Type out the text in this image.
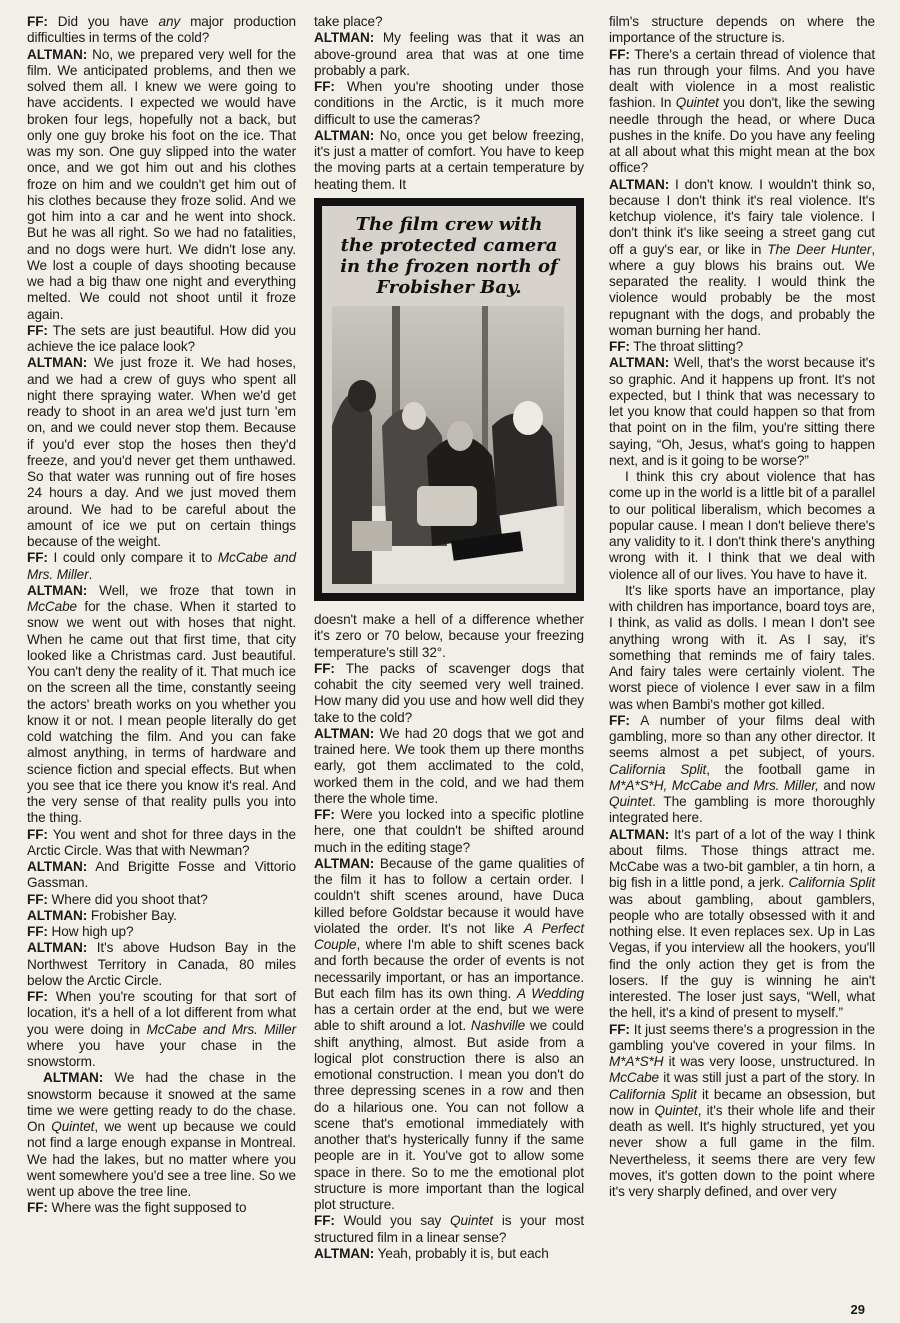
FF: Did you have any major production difficulties in terms of the cold?

ALTMAN: No, we prepared very well for the film. We anticipated problems, and then we solved them all. I knew we were going to have accidents. I expected we would have broken four legs, hopefully not a back, but only one guy broke his foot on the ice. That was my son. One guy slipped into the water once, and we got him out and his clothes froze on him and we couldn't get him out of his clothes because they froze solid. And we got him into a car and he went into shock. But he was all right. So we had no fatalities, and no dogs were hurt. We didn't lose any. We lost a couple of days shooting because we had a big thaw one night and everything melted. We could not shoot until it froze again.

FF: The sets are just beautiful. How did you achieve the ice palace look?

ALTMAN: We just froze it. We had hoses, and we had a crew of guys who spent all night there spraying water. When we'd get ready to shoot in an area we'd just turn 'em on, and we could never stop them. Because if you'd ever stop the hoses then they'd freeze, and you'd never get them unthawed. So that water was running out of fire hoses 24 hours a day. And we just moved them around. We had to be careful about the amount of ice we put on certain things because of the weight.

FF: I could only compare it to McCabe and Mrs. Miller.

ALTMAN: Well, we froze that town in McCabe for the chase. When it started to snow we went out with hoses that night. When he came out that first time, that city looked like a Christmas card. Just beautiful. You can't deny the reality of it. That much ice on the screen all the time, constantly seeing the actors' breath works on you whether you know it or not. I mean people literally do get cold watching the film. And you can fake almost anything, in terms of hardware and science fiction and special effects. But when you see that ice there you know it's real. And the very sense of that reality pulls you into the thing.

FF: You went and shot for three days in the Arctic Circle. Was that with Newman?

ALTMAN: And Brigitte Fosse and Vittorio Gassman.

FF: Where did you shoot that?

ALTMAN: Frobisher Bay.

FF: How high up?

ALTMAN: It's above Hudson Bay in the Northwest Territory in Canada, 80 miles below the Arctic Circle.

FF: When you're scouting for that sort of location, it's a hell of a lot different from what you were doing in McCabe and Mrs. Miller where you have your chase in the snowstorm.

ALTMAN: We had the chase in the snowstorm because it snowed at the same time we were getting ready to do the chase. On Quintet, we went up because we could not find a large enough expanse in Montreal. We had the lakes, but no matter where you went somewhere you'd see a tree line. So we went up above the tree line.

FF: Where was the fight supposed to

take place?

ALTMAN: My feeling was that it was an above-ground area that was at one time probably a park.

FF: When you're shooting under those conditions in the Arctic, is it much more difficult to use the cameras?

ALTMAN: No, once you get below freezing, it's just a matter of comfort. You have to keep the moving parts at a certain temperature by heating them. It

The film crew with
the protected camera
in the frozen north of
Frobisher Bay.

doesn't make a hell of a difference whether it's zero or 70 below, because your freezing temperature's still 32°.

FF: The packs of scavenger dogs that cohabit the city seemed very well trained. How many did you use and how well did they take to the cold?

ALTMAN: We had 20 dogs that we got and trained here. We took them up there months early, got them acclimated to the cold, worked them in the cold, and we had them there the whole time.

FF: Were you locked into a specific plotline here, one that couldn't be shifted around much in the editing stage?

ALTMAN: Because of the game qualities of the film it has to follow a certain order. I couldn't shift scenes around, have Duca killed before Goldstar because it would have violated the order. It's not like A Perfect Couple, where I'm able to shift scenes back and forth because the order of events is not necessarily important, or has an importance. But each film has its own thing. A Wedding has a certain order at the end, but we were able to shift around a lot. Nashville we could shift anything, almost. But aside from a logical plot construction there is also an emotional construction. I mean you don't do three depressing scenes in a row and then do a hilarious one. You can not follow a scene that's emotional immediately with another that's hysterically funny if the same people are in it. You've got to allow some space in there. So to me the emotional plot structure is more important than the logical plot structure.

FF: Would you say Quintet is your most structured film in a linear sense?

ALTMAN: Yeah, probably it is, but each

film's structure depends on where the importance of the structure is.

FF: There's a certain thread of violence that has run through your films. And you have dealt with violence in a most realistic fashion. In Quintet you don't, like the sewing needle through the head, or where Duca pushes in the knife. Do you have any feeling at all about what this might mean at the box office?

ALTMAN: I don't know. I wouldn't think so, because I don't think it's real violence. It's ketchup violence, it's fairy tale violence. I don't think it's like seeing a street gang cut off a guy's ear, or like in The Deer Hunter, where a guy blows his brains out. We separated the reality. I would think the violence would probably be the most repugnant with the dogs, and probably the woman burning her hand.

FF: The throat slitting?

ALTMAN: Well, that's the worst because it's so graphic. And it happens up front. It's not expected, but I think that was necessary to let you know that could happen so that from that point on in the film, you're sitting there saying, “Oh, Jesus, what's going to happen next, and is it going to be worse?”

I think this cry about violence that has come up in the world is a little bit of a parallel to our political liberalism, which becomes a popular cause. I mean I don't believe there's any validity to it. I don't think there's anything wrong with it. I think that we deal with violence all of our lives. You have to have it.

It's like sports have an importance, play with children has importance, board toys are, I think, as valid as dolls. I mean I don't see anything wrong with it. As I say, it's something that reminds me of fairy tales. And fairy tales were certainly violent. The worst piece of violence I ever saw in a film was when Bambi's mother got killed.

FF: A number of your films deal with gambling, more so than any other director. It seems almost a pet subject, of yours. California Split, the football game in M*A*S*H, McCabe and Mrs. Miller, and now Quintet. The gambling is more thoroughly integrated here.

ALTMAN: It's part of a lot of the way I think about films. Those things attract me. McCabe was a two-bit gambler, a tin horn, a big fish in a little pond, a jerk. California Split was about gambling, about gamblers, people who are totally obsessed with it and nothing else. It even replaces sex. Up in Las Vegas, if you interview all the hookers, you'll find the only action they get is from the losers. If the guy is winning he ain't interested. The loser just says, “Well, what the hell, it's a kind of present to myself.”

FF: It just seems there's a progression in the gambling you've covered in your films. In M*A*S*H it was very loose, unstructured. In McCabe it was still just a part of the story. In California Split it became an obsession, but now in Quintet, it's their whole life and their death as well. It's highly structured, yet you never show a full game in the film. Nevertheless, it seems there are very few moves, it's gotten down to the point where it's very sharply defined, and over very

29
